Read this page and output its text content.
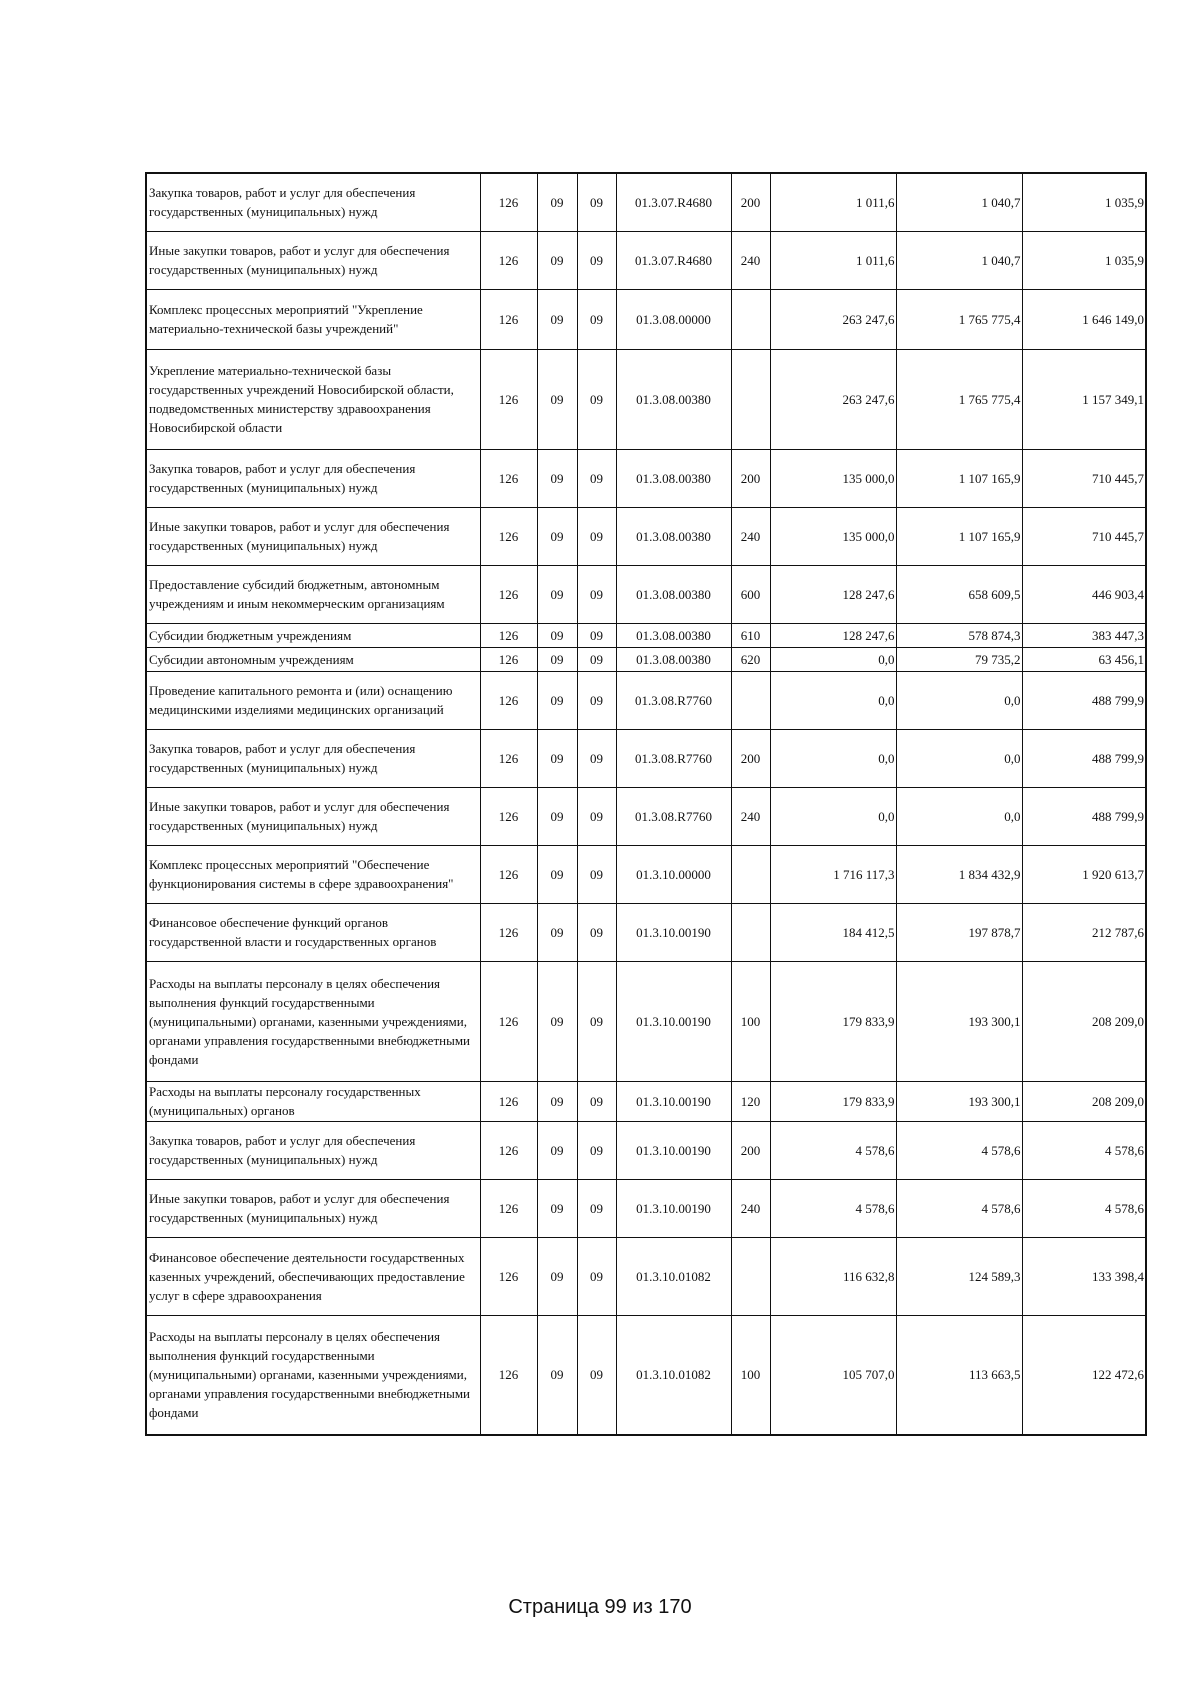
Закупка товаров, работ и услуг для обеспечения государственных (муниципальных) нужд	126	09	09	01.3.07.R4680	200	1 011,6	1 040,7	1 035,9
Иные закупки товаров, работ и услуг для обеспечения государственных (муниципальных) нужд	126	09	09	01.3.07.R4680	240	1 011,6	1 040,7	1 035,9
Комплекс процессных мероприятий "Укрепление материально-технической базы учреждений"	126	09	09	01.3.08.00000		263 247,6	1 765 775,4	1 646 149,0
Укрепление материально-технической базы государственных учреждений Новосибирской области, подведомственных министерству здравоохранения Новосибирской области	126	09	09	01.3.08.00380		263 247,6	1 765 775,4	1 157 349,1
Закупка товаров, работ и услуг для обеспечения государственных (муниципальных) нужд	126	09	09	01.3.08.00380	200	135 000,0	1 107 165,9	710 445,7
Иные закупки товаров, работ и услуг для обеспечения государственных (муниципальных) нужд	126	09	09	01.3.08.00380	240	135 000,0	1 107 165,9	710 445,7
Предоставление субсидий бюджетным, автономным учреждениям и иным некоммерческим организациям	126	09	09	01.3.08.00380	600	128 247,6	658 609,5	446 903,4
Субсидии бюджетным учреждениям	126	09	09	01.3.08.00380	610	128 247,6	578 874,3	383 447,3
Субсидии автономным учреждениям	126	09	09	01.3.08.00380	620	0,0	79 735,2	63 456,1
Проведение капитального ремонта и (или) оснащению медицинскими изделиями медицинских организаций	126	09	09	01.3.08.R7760		0,0	0,0	488 799,9
Закупка товаров, работ и услуг для обеспечения государственных (муниципальных) нужд	126	09	09	01.3.08.R7760	200	0,0	0,0	488 799,9
Иные закупки товаров, работ и услуг для обеспечения государственных (муниципальных) нужд	126	09	09	01.3.08.R7760	240	0,0	0,0	488 799,9
Комплекс процессных мероприятий "Обеспечение функционирования системы в сфере здравоохранения"	126	09	09	01.3.10.00000		1 716 117,3	1 834 432,9	1 920 613,7
Финансовое обеспечение функций органов государственной власти и государственных органов	126	09	09	01.3.10.00190		184 412,5	197 878,7	212 787,6
Расходы на выплаты персоналу в целях обеспечения выполнения функций государственными (муниципальными) органами, казенными учреждениями, органами управления государственными внебюджетными фондами	126	09	09	01.3.10.00190	100	179 833,9	193 300,1	208 209,0
Расходы на выплаты персоналу государственных (муниципальных) органов	126	09	09	01.3.10.00190	120	179 833,9	193 300,1	208 209,0
Закупка товаров, работ и услуг для обеспечения государственных (муниципальных) нужд	126	09	09	01.3.10.00190	200	4 578,6	4 578,6	4 578,6
Иные закупки товаров, работ и услуг для обеспечения государственных (муниципальных) нужд	126	09	09	01.3.10.00190	240	4 578,6	4 578,6	4 578,6
Финансовое обеспечение деятельности государственных казенных учреждений, обеспечивающих предоставление услуг в сфере здравоохранения	126	09	09	01.3.10.01082		116 632,8	124 589,3	133 398,4
Расходы на выплаты персоналу в целях обеспечения выполнения функций государственными (муниципальными) органами, казенными учреждениями, органами управления государственными внебюджетными фондами	126	09	09	01.3.10.01082	100	105 707,0	113 663,5	122 472,6
Страница 99 из 170
